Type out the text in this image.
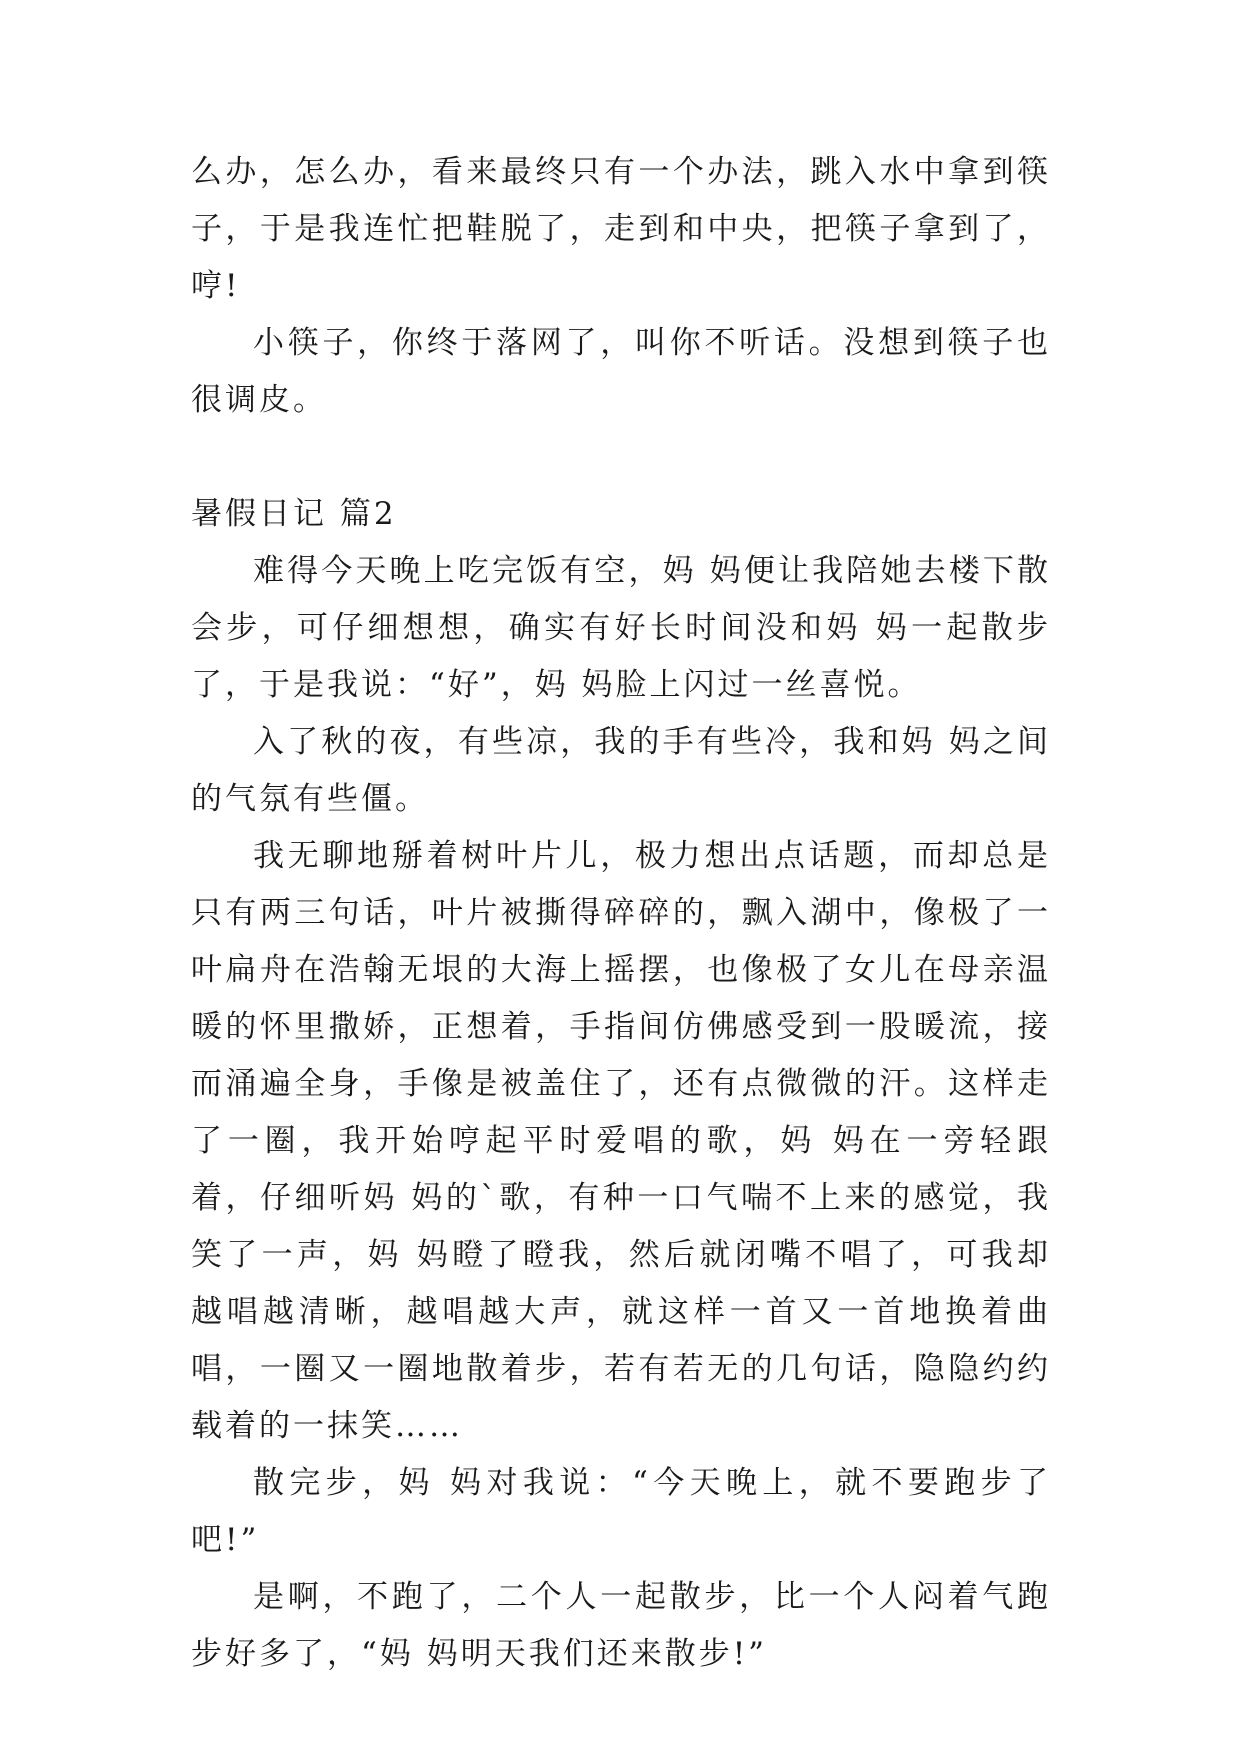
么办，怎么办，看来最终只有一个办法，跳入水中拿到筷子，于是我连忙把鞋脱了，走到和中央，把筷子拿到了，哼!

小筷子，你终于落网了，叫你不听话。没想到筷子也很调皮。

暑假日记 篇2

难得今天晚上吃完饭有空，妈 妈便让我陪她去楼下散会步，可仔细想想，确实有好长时间没和妈 妈一起散步了，于是我说：“好”，妈 妈脸上闪过一丝喜悦。

入了秋的夜，有些凉，我的手有些冷，我和妈 妈之间的气氛有些僵。

我无聊地掰着树叶片儿，极力想出点话题，而却总是只有两三句话，叶片被撕得碎碎的，飘入湖中，像极了一叶扁舟在浩翰无垠的大海上摇摆，也像极了女儿在母亲温暖的怀里撒娇，正想着，手指间仿佛感受到一股暖流，接而涌遍全身，手像是被盖住了，还有点微微的汗。这样走了一圈，我开始哼起平时爱唱的歌，妈 妈在一旁轻跟着，仔细听妈 妈的`歌，有种一口气喘不上来的感觉，我笑了一声，妈 妈瞪了瞪我，然后就闭嘴不唱了，可我却越唱越清晰，越唱越大声，就这样一首又一首地换着曲唱，一圈又一圈地散着步，若有若无的几句话，隐隐约约载着的一抹笑……

散完步，妈 妈对我说：“今天晚上，就不要跑步了吧!”

是啊，不跑了，二个人一起散步，比一个人闷着气跑步好多了，“妈 妈明天我们还来散步!”
